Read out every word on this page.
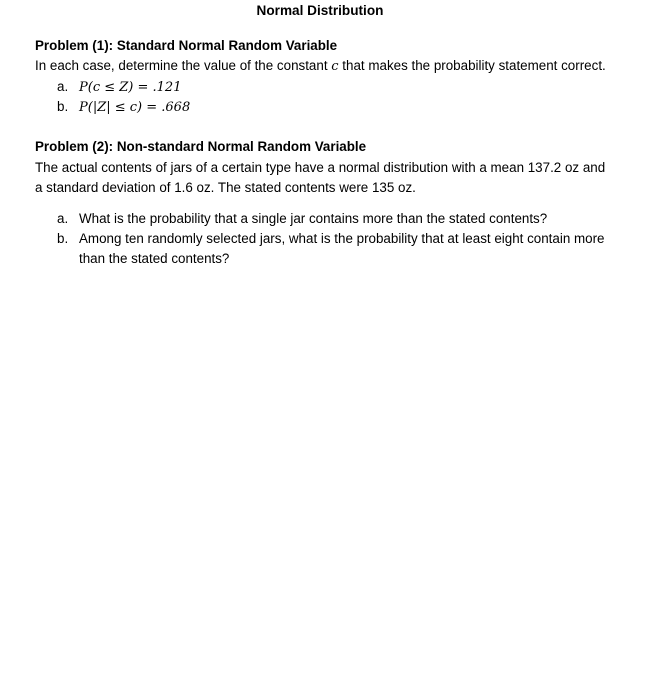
Normal Distribution
Problem (1): Standard Normal Random Variable
In each case, determine the value of the constant c that makes the probability statement correct.
a. P(c ≤ Z) = .121
b. P(|Z| ≤ c) = .668
Problem (2): Non-standard Normal Random Variable
The actual contents of jars of a certain type have a normal distribution with a mean 137.2 oz and
a standard deviation of 1.6 oz. The stated contents were 135 oz.
a. What is the probability that a single jar contains more than the stated contents?
b. Among ten randomly selected jars, what is the probability that at least eight contain more
than the stated contents?
